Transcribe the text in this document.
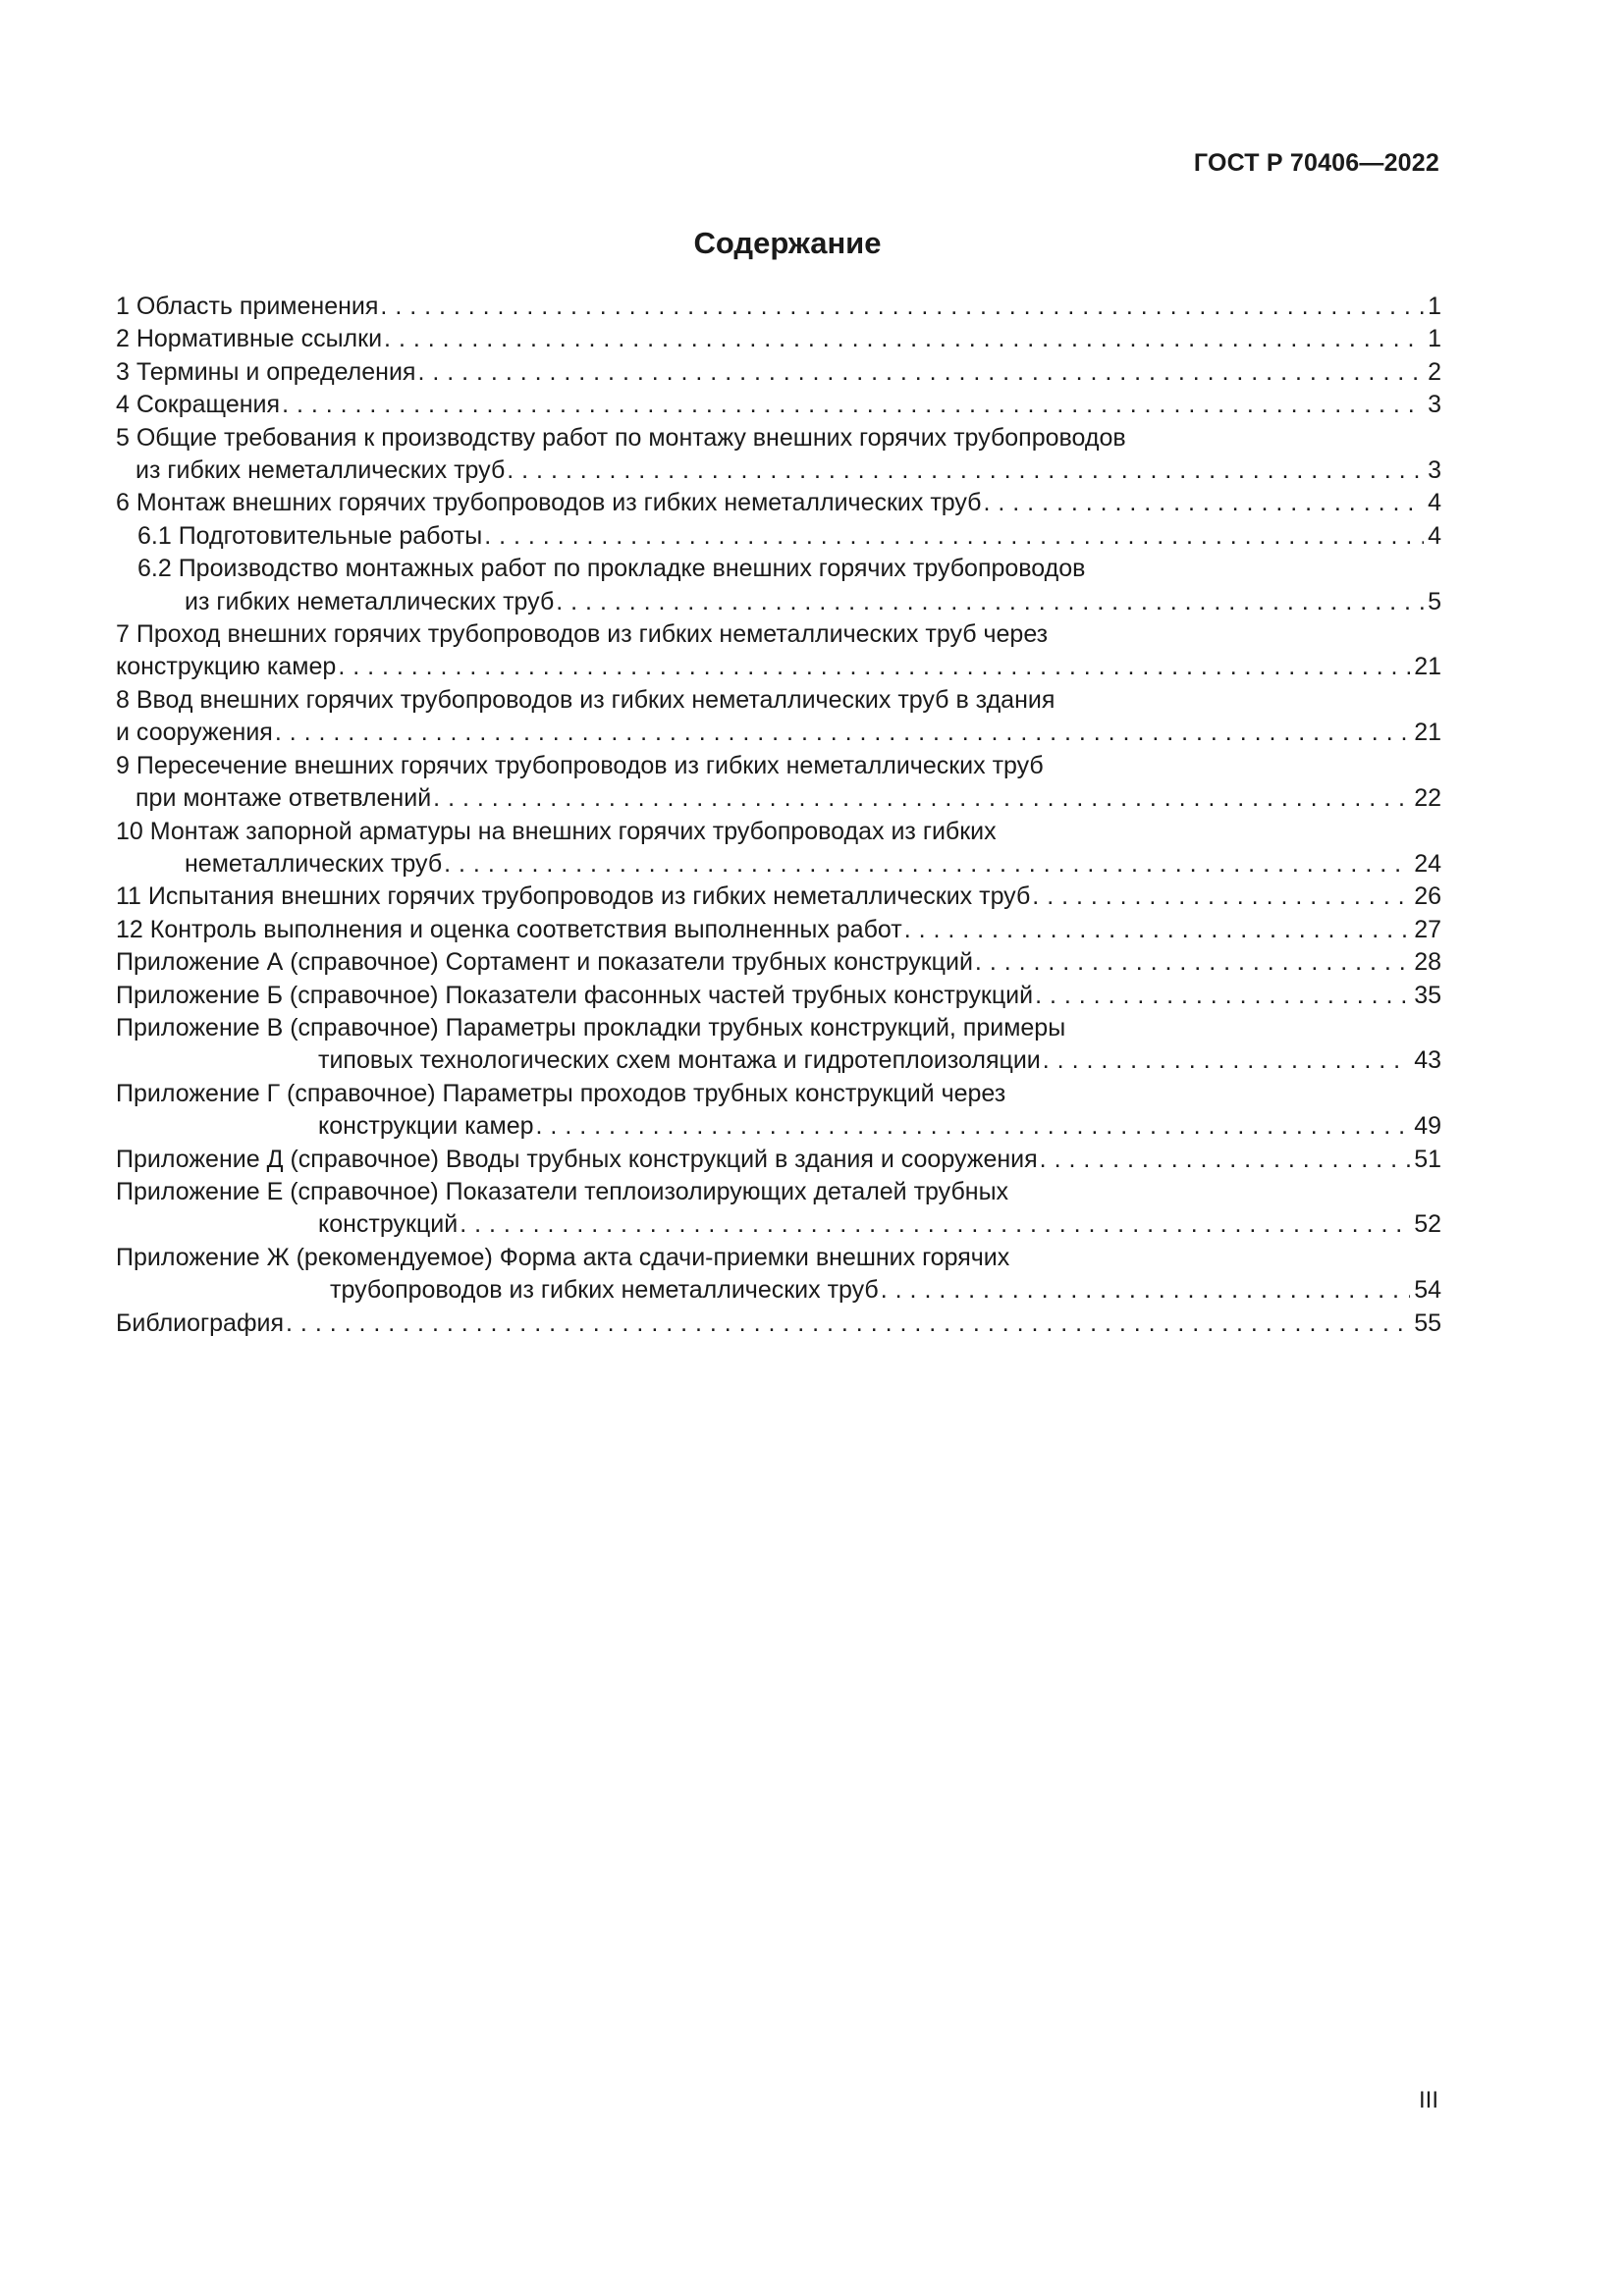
ГОСТ Р 70406—2022
Содержание
1 Область применения . . .	1
2 Нормативные ссылки . . .	1
3 Термины и определения . . .	2
4 Сокращения . . .	3
5 Общие требования к производству работ по монтажу внешних горячих трубопроводов
из гибких неметаллических труб . . .	3
6 Монтаж внешних горячих трубопроводов из гибких неметаллических труб . . .	4
6.1 Подготовительные работы . . .	4
6.2 Производство монтажных работ по прокладке внешних горячих трубопроводов
из гибких неметаллических труб . . .	5
7 Проход внешних горячих трубопроводов из гибких неметаллических труб через
конструкцию камер . . .	21
8 Ввод внешних горячих трубопроводов из гибких неметаллических труб в здания
и сооружения . . .	21
9 Пересечение внешних горячих трубопроводов из гибких неметаллических труб
при монтаже ответвлений . . .	22
10 Монтаж запорной арматуры на внешних горячих трубопроводах из гибких
неметаллических труб . . .	24
11 Испытания внешних горячих трубопроводов из гибких неметаллических труб . . .	26
12 Контроль выполнения и оценка соответствия выполненных работ . . .	27
Приложение А (справочное) Сортамент и показатели трубных конструкций . . .	28
Приложение Б (справочное) Показатели фасонных частей трубных конструкций . . .	35
Приложение В (справочное) Параметры прокладки трубных конструкций, примеры
типовых технологических схем монтажа и гидротеплоизоляции . . .	43
Приложение Г (справочное) Параметры проходов трубных конструкций через
конструкции камер . . .	49
Приложение Д (справочное) Вводы трубных конструкций в здания и сооружения . . .	51
Приложение Е (справочное) Показатели теплоизолирующих деталей трубных
конструкций . . .	52
Приложение Ж (рекомендуемое) Форма акта сдачи-приемки внешних горячих
трубопроводов из гибких неметаллических труб . . .	54
Библиография . . .	55
III
